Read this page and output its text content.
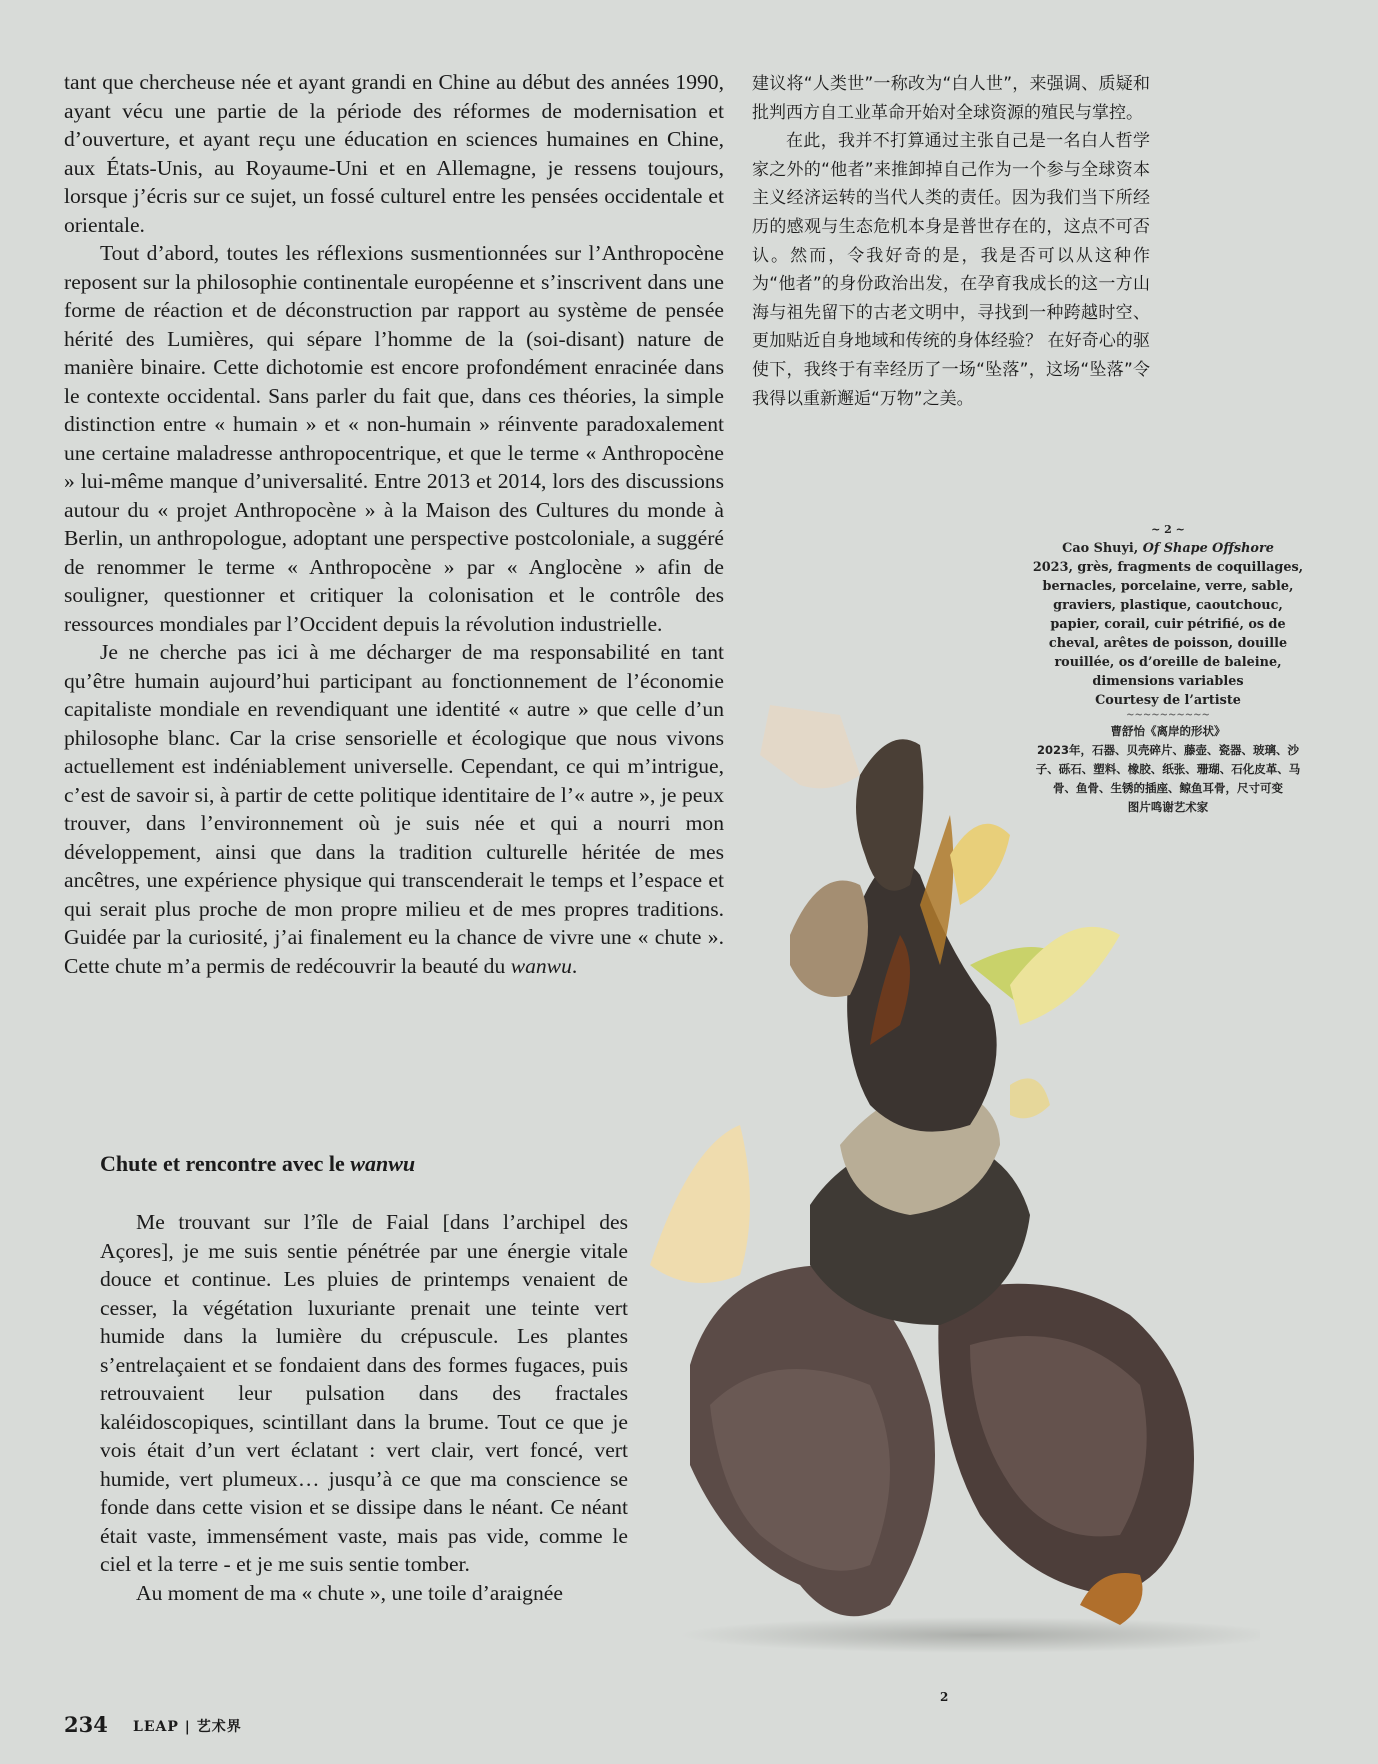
tant que chercheuse née et ayant grandi en Chine au début des années 1990, ayant vécu une partie de la période des réformes de modernisation et d’ouverture, et ayant reçu une éducation en sciences humaines en Chine, aux États-Unis, au Royaume-Uni et en Allemagne, je ressens toujours, lorsque j’écris sur ce sujet, un fossé culturel entre les pensées occidentale et orientale.

Tout d’abord, toutes les réflexions susmentionnées sur l’Anthropocène reposent sur la philosophie continentale européenne et s’inscrivent dans une forme de réaction et de déconstruction par rapport au système de pensée hérité des Lumières, qui sépare l’homme de la (soi-disant) nature de manière binaire. Cette dichotomie est encore profondément enracinée dans le contexte occidental. Sans parler du fait que, dans ces théories, la simple distinction entre « humain » et « non-humain » réinvente paradoxalement une certaine maladresse anthropocentrique, et que le terme « Anthropocène » lui-même manque d’universalité. Entre 2013 et 2014, lors des discussions autour du « projet Anthropocène » à la Maison des Cultures du monde à Berlin, un anthropologue, adoptant une perspective postcoloniale, a suggéré de renommer le terme « Anthropocène » par « Anglocène » afin de souligner, questionner et critiquer la colonisation et le contrôle des ressources mondiales par l’Occident depuis la révolution industrielle.

Je ne cherche pas ici à me décharger de ma responsabilité en tant qu’être humain aujourd’hui participant au fonctionnement de l’économie capitaliste mondiale en revendiquant une identité « autre » que celle d’un philosophe blanc. Car la crise sensorielle et écologique que nous vivons actuellement est indéniablement universelle. Cependant, ce qui m’intrigue, c’est de savoir si, à partir de cette politique identitaire de l’« autre », je peux trouver, dans l’environnement où je suis née et qui a nourri mon développement, ainsi que dans la tradition culturelle héritée de mes ancêtres, une expérience physique qui transcenderait le temps et l’espace et qui serait plus proche de mon propre milieu et de mes propres traditions. Guidée par la curiosité, j’ai finalement eu la chance de vivre une « chute ». Cette chute m’a permis de redécouvrir la beauté du wanwu.

Chute et rencontre avec le wanwu

Me trouvant sur l’île de Faial [dans l’archipel des Açores], je me suis sentie pénétrée par une énergie vitale douce et continue. Les pluies de printemps venaient de cesser, la végétation luxuriante prenait une teinte vert humide dans la lumière du crépuscule. Les plantes s’entrelaçaient et se fondaient dans des formes fugaces, puis retrouvaient leur pulsation dans des fractales kaléidoscopiques, scintillant dans la brume. Tout ce que je vois était d’un vert éclatant : vert clair, vert foncé, vert humide, vert plumeux… jusqu’à ce que ma conscience se fonde dans cette vision et se dissipe dans le néant. Ce néant était vaste, immensément vaste, mais pas vide, comme le ciel et la terre - et je me suis sentie tomber.

Au moment de ma « chute », une toile d’araignée

建议将“人类世”一称改为“白人世”，来强调、质疑和批判西方自工业革命开始对全球资源的殖民与掌控。

在此，我并不打算通过主张自己是一名白人哲学家之外的“他者”来推卸掉自己作为一个参与全球资本主义经济运转的当代人类的责任。因为我们当下所经历的感观与生态危机本身是普世存在的，这点不可否认。然而，令我好奇的是，我是否可以从这种作为“他者”的身份政治出发，在孕育我成长的这一方山海与祖先留下的古老文明中，寻找到一种跨越时空、更加贴近自身地域和传统的身体经验？ 在好奇心的驱使下，我终于有幸经历了一场“坠落”，这场“坠落”令我得以重新邂逅“万物”之美。

~ 2 ~
Cao Shuyi, Of Shape Offshore
2023, grès, fragments de coquillages, bernacles, porcelaine, verre, sable, graviers, plastique, caoutchouc, papier, corail, cuir pétrifié, os de cheval, arêtes de poisson, douille rouillée, os d’oreille de baleine, dimensions variables
Courtesy de l’artiste
~~~~~~~~~~
曹舒怡《离岸的形状》
2023年，石器、贝壳碎片、藤壶、瓷器、玻璃、沙子、砾石、塑料、橡胶、纸张、珊瑚、石化皮革、马骨、鱼骨、生锈的插座、鲸鱼耳骨，尺寸可变
图片鸣谢艺术家
234 LEAP | 艺术界
2
